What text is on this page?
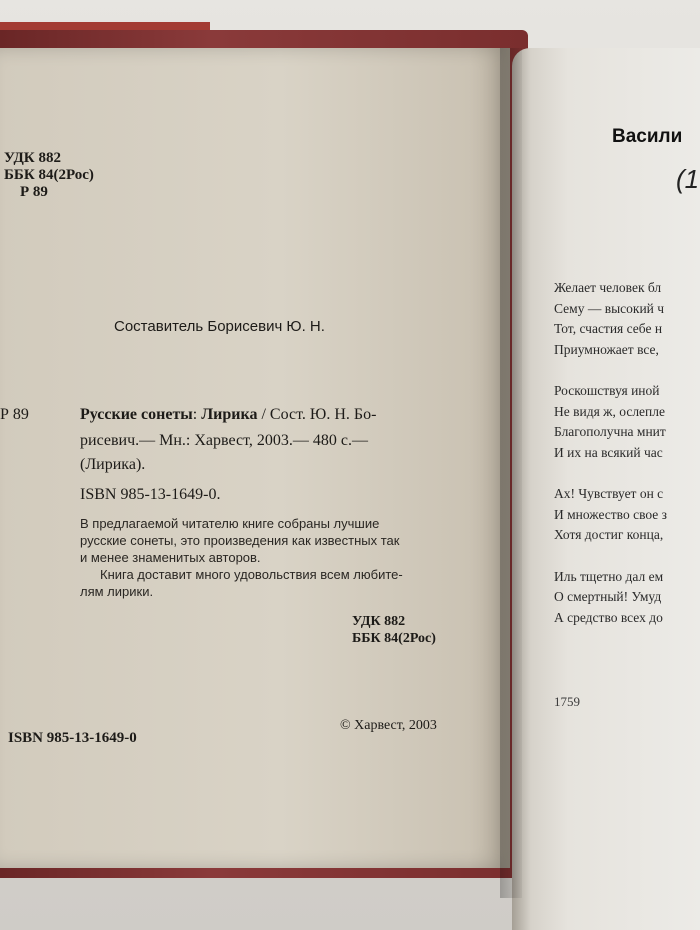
УДК 882
ББК 84(2Рос)
Р 89
Составитель Борисевич Ю. Н.
Р 89	Русские сонеты: Лирика / Сост. Ю. Н. Бо-
рисевич.— Мн.: Харвест, 2003.— 480 с.—
(Лирика).
ISBN 985-13-1649-0.
В предлагаемой читателю книге собраны лучшие
русские сонеты, это произведения как известных так
и менее знаменитых авторов.
Книга доставит много удовольствия всем любите-
лям лирики.
УДК 882
ББК 84(2Рос)
ISBN 985-13-1649-0
© Харвест, 2003
Васили
(1
Желает человек бл
Сему — высокий ч
Тот, счастия себе н
Приумножает все,
Роскошствуя иной
Не видя ж, ослепле
Благополучна мнит
И их на всякий час
Ах! Чувствует он с
И множество свое з
Хотя достиг конца,
Иль тщетно дал ем
О смертный! Умуд
А средство всех до
1759
